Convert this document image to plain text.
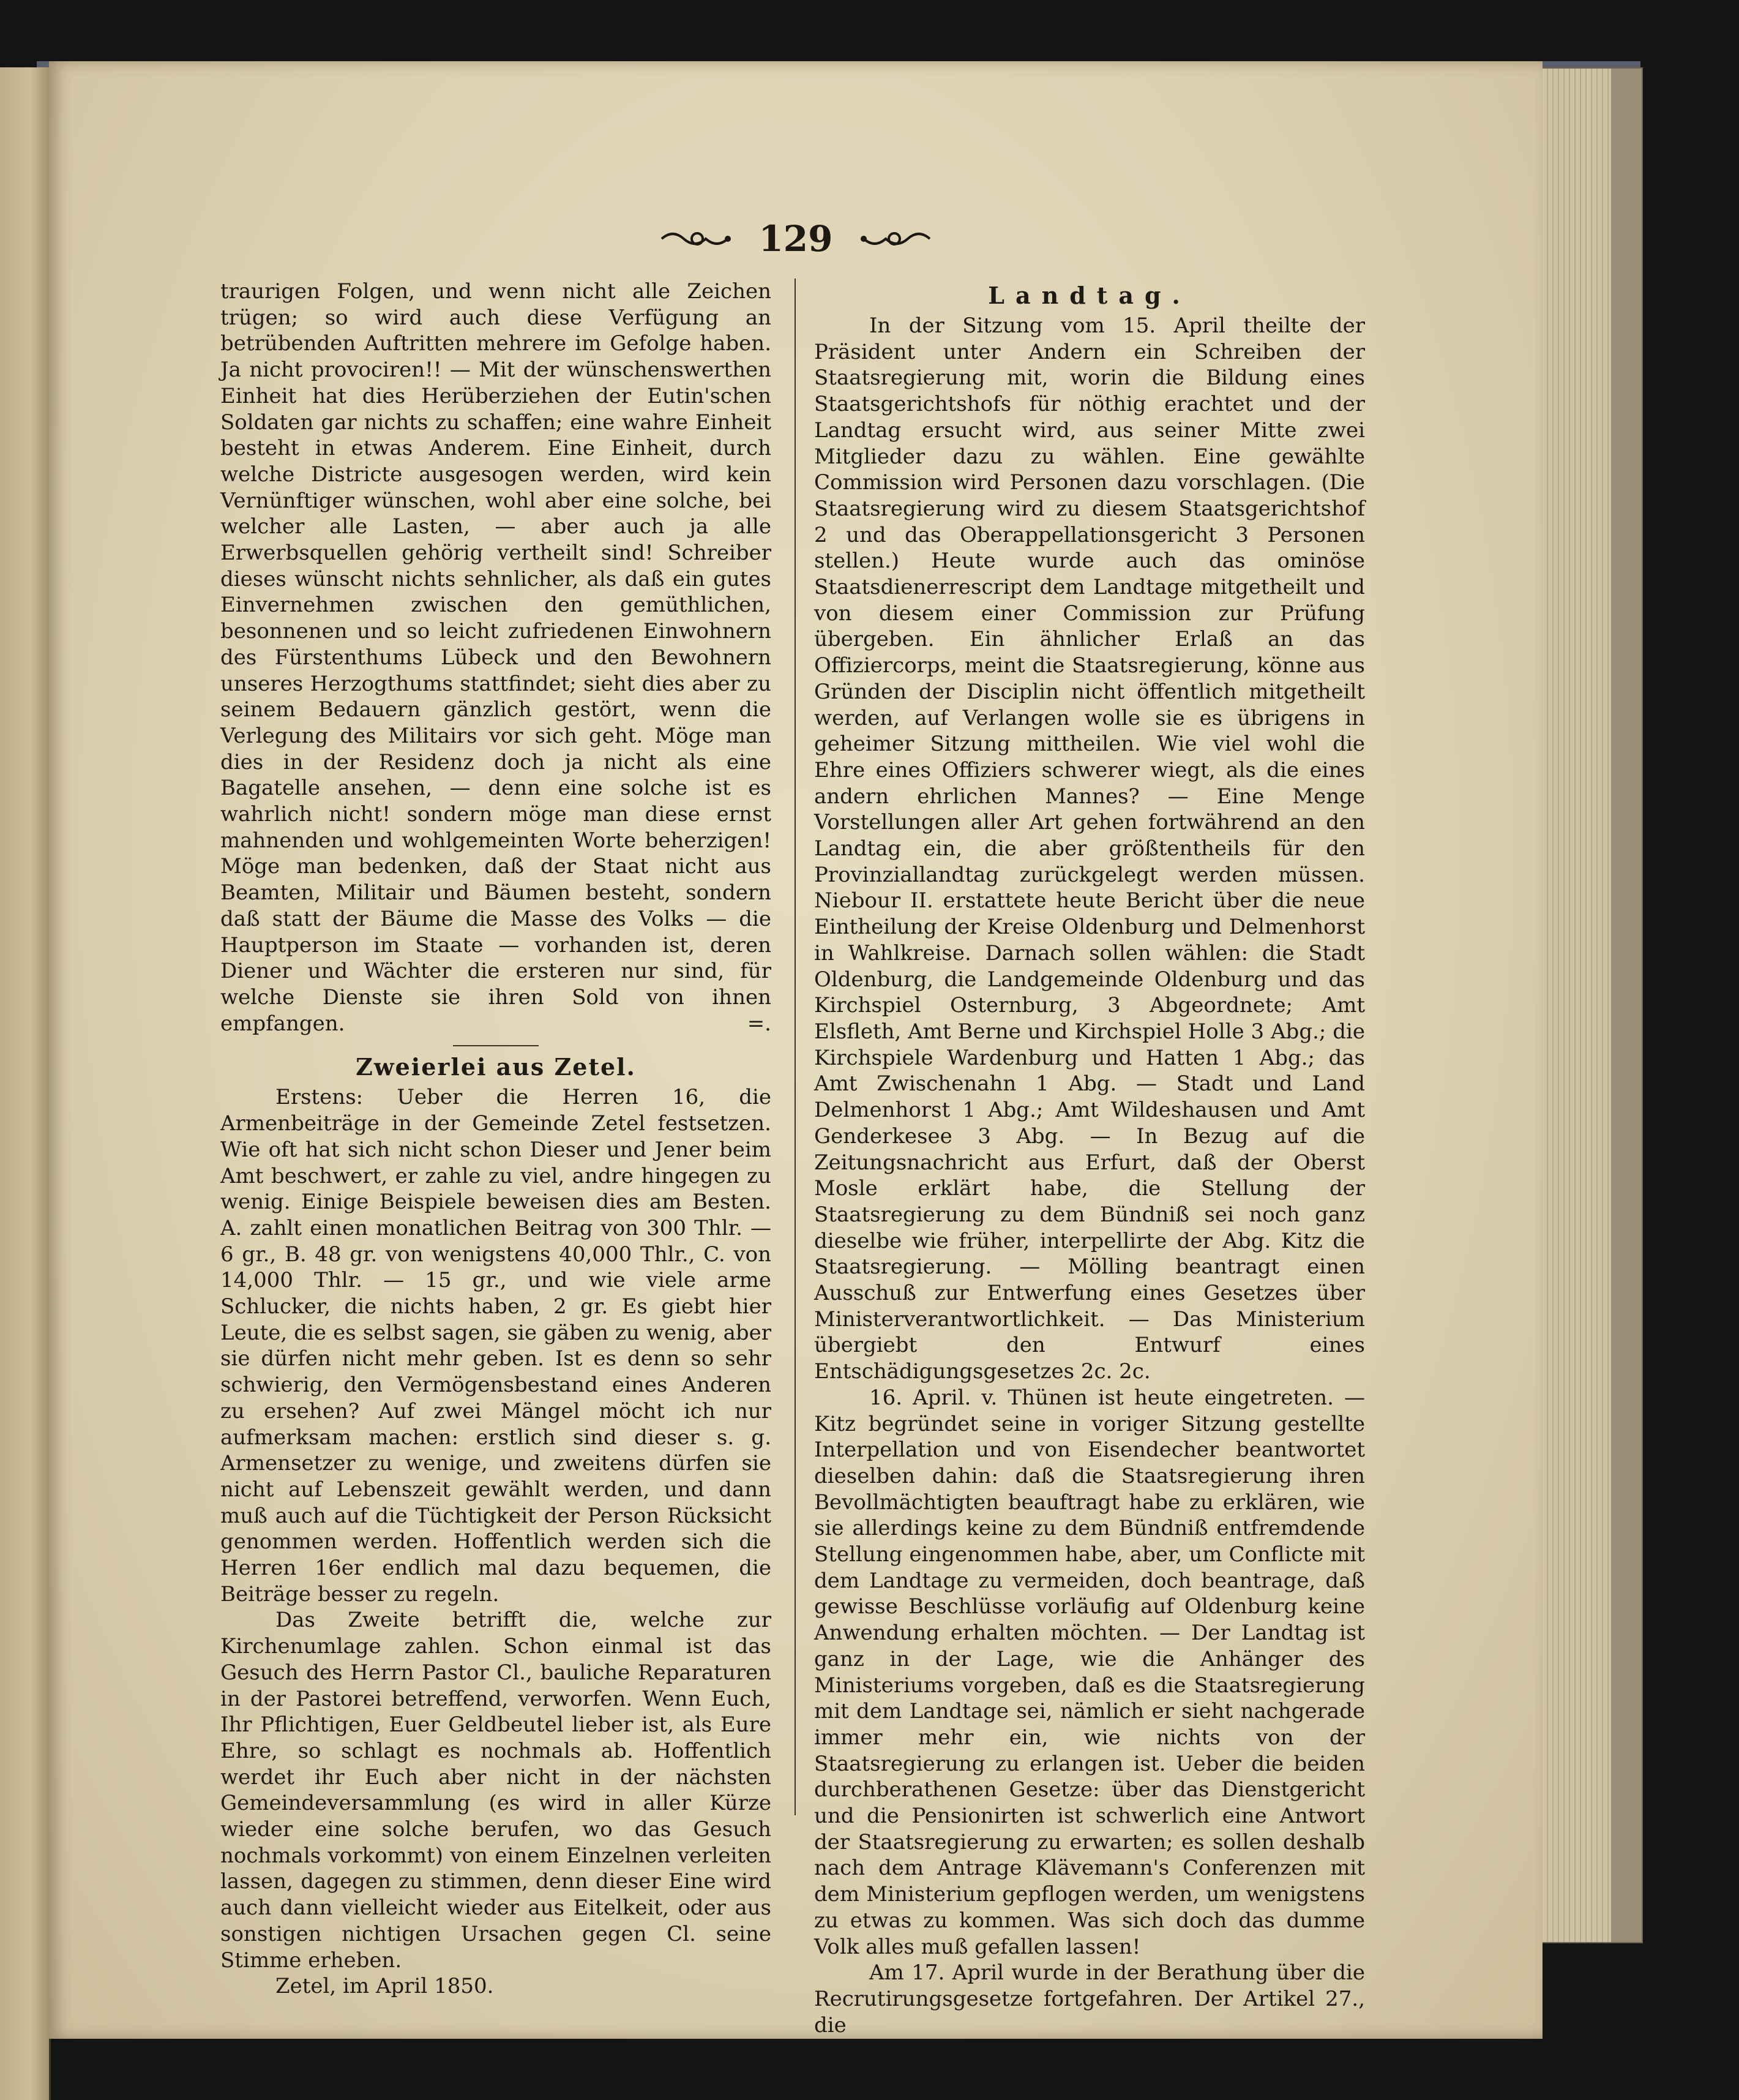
129

traurigen Folgen, und wenn nicht alle Zeichen trügen; so wird auch diese Verfügung an betrübenden Auftritten mehrere im Gefolge haben. Ja nicht provociren!! — Mit der wünschenswerthen Einheit hat dies Herüberziehen der Eutin'schen Soldaten gar nichts zu schaffen; eine wahre Einheit besteht in etwas Anderem. Eine Einheit, durch welche Districte ausgesogen werden, wird kein Vernünftiger wünschen, wohl aber eine solche, bei welcher alle Lasten, — aber auch ja alle Erwerbsquellen gehörig vertheilt sind! Schreiber dieses wünscht nichts sehnlicher, als daß ein gutes Einvernehmen zwischen den gemüthlichen, besonnenen und so leicht zufriedenen Einwohnern des Fürstenthums Lübeck und den Bewohnern unseres Herzogthums stattfindet; sieht dies aber zu seinem Bedauern gänzlich gestört, wenn die Verlegung des Militairs vor sich geht. Möge man dies in der Residenz doch ja nicht als eine Bagatelle ansehen, — denn eine solche ist es wahrlich nicht! sondern möge man diese ernst mahnenden und wohlgemeinten Worte beherzigen! Möge man bedenken, daß der Staat nicht aus Beamten, Militair und Bäumen besteht, sondern daß statt der Bäume die Masse des Volks — die Hauptperson im Staate — vorhanden ist, deren Diener und Wächter die ersteren nur sind, für welche Dienste sie ihren Sold von ihnen empfangen. =.

Zweierlei aus Zetel.

Erstens: Ueber die Herren 16, die Armenbeiträge in der Gemeinde Zetel festsetzen. Wie oft hat sich nicht schon Dieser und Jener beim Amt beschwert, er zahle zu viel, andre hingegen zu wenig. Einige Beispiele beweisen dies am Besten. A. zahlt einen monatlichen Beitrag von 300 Thlr. — 6 gr., B. 48 gr. von wenigstens 40,000 Thlr., C. von 14,000 Thlr. — 15 gr., und wie viele arme Schlucker, die nichts haben, 2 gr. Es giebt hier Leute, die es selbst sagen, sie gäben zu wenig, aber sie dürfen nicht mehr geben. Ist es denn so sehr schwierig, den Vermögensbestand eines Anderen zu ersehen? Auf zwei Mängel möcht ich nur aufmerksam machen: erstlich sind dieser s. g. Armensetzer zu wenige, und zweitens dürfen sie nicht auf Lebenszeit gewählt werden, und dann muß auch auf die Tüchtigkeit der Person Rücksicht genommen werden. Hoffentlich werden sich die Herren 16er endlich mal dazu bequemen, die Beiträge besser zu regeln.

Das Zweite betrifft die, welche zur Kirchenumlage zahlen. Schon einmal ist das Gesuch des Herrn Pastor Cl., bauliche Reparaturen in der Pastorei betreffend, verworfen. Wenn Euch, Ihr Pflichtigen, Euer Geldbeutel lieber ist, als Eure Ehre, so schlagt es nochmals ab. Hoffentlich werdet ihr Euch aber nicht in der nächsten Gemeindeversammlung (es wird in aller Kürze wieder eine solche berufen, wo das Gesuch nochmals vorkommt) von einem Einzelnen verleiten lassen, dagegen zu stimmen, denn dieser Eine wird auch dann vielleicht wieder aus Eitelkeit, oder aus sonstigen nichtigen Ursachen gegen Cl. seine Stimme erheben.

Zetel, im April 1850.

Landtag.

In der Sitzung vom 15. April theilte der Präsident unter Andern ein Schreiben der Staatsregierung mit, worin die Bildung eines Staatsgerichtshofs für nöthig erachtet und der Landtag ersucht wird, aus seiner Mitte zwei Mitglieder dazu zu wählen. Eine gewählte Commission wird Personen dazu vorschlagen. (Die Staatsregierung wird zu diesem Staatsgerichtshof 2 und das Oberappellationsgericht 3 Personen stellen.) Heute wurde auch das ominöse Staatsdienerrescript dem Landtage mitgetheilt und von diesem einer Commission zur Prüfung übergeben. Ein ähnlicher Erlaß an das Offiziercorps, meint die Staatsregierung, könne aus Gründen der Disciplin nicht öffentlich mitgetheilt werden, auf Verlangen wolle sie es übrigens in geheimer Sitzung mittheilen. Wie viel wohl die Ehre eines Offiziers schwerer wiegt, als die eines andern ehrlichen Mannes? — Eine Menge Vorstellungen aller Art gehen fortwährend an den Landtag ein, die aber größtentheils für den Provinziallandtag zurückgelegt werden müssen. Niebour II. erstattete heute Bericht über die neue Eintheilung der Kreise Oldenburg und Delmenhorst in Wahlkreise. Darnach sollen wählen: die Stadt Oldenburg, die Landgemeinde Oldenburg und das Kirchspiel Osternburg, 3 Abgeordnete; Amt Elsfleth, Amt Berne und Kirchspiel Holle 3 Abg.; die Kirchspiele Wardenburg und Hatten 1 Abg.; das Amt Zwischenahn 1 Abg. — Stadt und Land Delmenhorst 1 Abg.; Amt Wildeshausen und Amt Genderkesee 3 Abg. — In Bezug auf die Zeitungsnachricht aus Erfurt, daß der Oberst Mosle erklärt habe, die Stellung der Staatsregierung zu dem Bündniß sei noch ganz dieselbe wie früher, interpellirte der Abg. Kitz die Staatsregierung. — Mölling beantragt einen Ausschuß zur Entwerfung eines Gesetzes über Ministerverantwortlichkeit. — Das Ministerium übergiebt den Entwurf eines Entschädigungsgesetzes 2c. 2c.

16. April. v. Thünen ist heute eingetreten. — Kitz begründet seine in voriger Sitzung gestellte Interpellation und von Eisendecher beantwortet dieselben dahin: daß die Staatsregierung ihren Bevollmächtigten beauftragt habe zu erklären, wie sie allerdings keine zu dem Bündniß entfremdende Stellung eingenommen habe, aber, um Conflicte mit dem Landtage zu vermeiden, doch beantrage, daß gewisse Beschlüsse vorläufig auf Oldenburg keine Anwendung erhalten möchten. — Der Landtag ist ganz in der Lage, wie die Anhänger des Ministeriums vorgeben, daß es die Staatsregierung mit dem Landtage sei, nämlich er sieht nachgerade immer mehr ein, wie nichts von der Staatsregierung zu erlangen ist. Ueber die beiden durchberathenen Gesetze: über das Dienstgericht und die Pensionirten ist schwerlich eine Antwort der Staatsregierung zu erwarten; es sollen deshalb nach dem Antrage Klävemann's Conferenzen mit dem Ministerium gepflogen werden, um wenigstens zu etwas zu kommen. Was sich doch das dumme Volk alles muß gefallen lassen!

Am 17. April wurde in der Berathung über die Recrutirungsgesetze fortgefahren. Der Artikel 27., die
